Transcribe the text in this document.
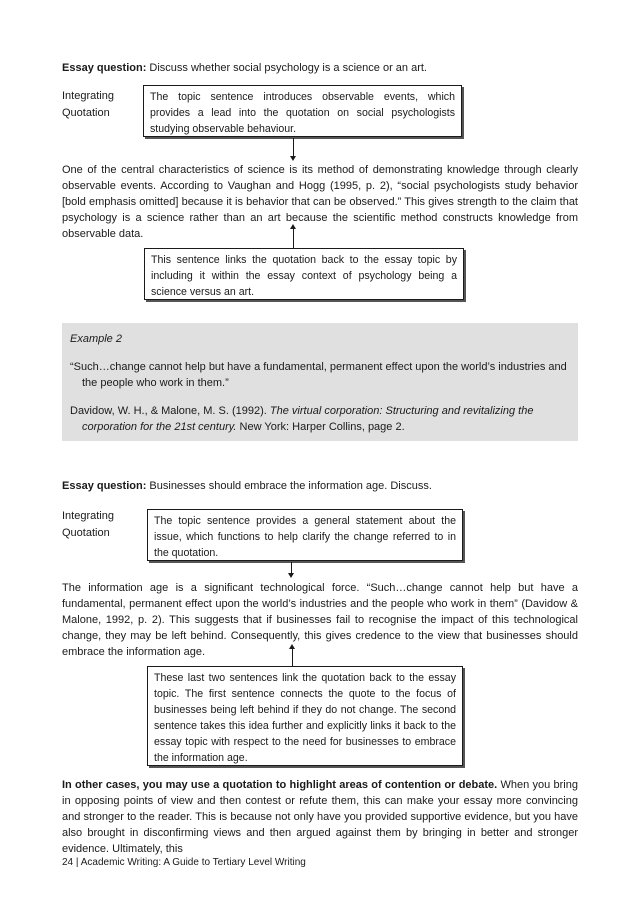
Essay question: Discuss whether social psychology is a science or an art.
Integrating
Quotation
The topic sentence introduces observable events, which provides a lead into the quotation on social psychologists studying observable behaviour.
One of the central characteristics of science is its method of demonstrating knowledge through clearly observable events. According to Vaughan and Hogg (1995, p. 2), “social psychologists study behavior [bold emphasis omitted] because it is behavior that can be observed.” This gives strength to the claim that psychology is a science rather than an art because the scientific method constructs knowledge from observable data.
This sentence links the quotation back to the essay topic by including it within the essay context of psychology being a science versus an art.
Example 2
“Such…change cannot help but have a fundamental, permanent effect upon the world’s industries and the people who work in them.”
Davidow, W. H., & Malone, M. S. (1992). The virtual corporation: Structuring and revitalizing the corporation for the 21st century. New York: Harper Collins, page 2.
Essay question: Businesses should embrace the information age. Discuss.
Integrating
Quotation
The topic sentence provides a general statement about the issue, which functions to help clarify the change referred to in the quotation.
The information age is a significant technological force. “Such…change cannot help but have a fundamental, permanent effect upon the world’s industries and the people who work in them” (Davidow & Malone, 1992, p. 2). This suggests that if businesses fail to recognise the impact of this technological change, they may be left behind. Consequently, this gives credence to the view that businesses should embrace the information age.
These last two sentences link the quotation back to the essay topic. The first sentence connects the quote to the focus of businesses being left behind if they do not change. The second sentence takes this idea further and explicitly links it back to the essay topic with respect to the need for businesses to embrace the information age.
In other cases, you may use a quotation to highlight areas of contention or debate. When you bring in opposing points of view and then contest or refute them, this can make your essay more convincing and stronger to the reader. This is because not only have you provided supportive evidence, but you have also brought in disconfirming views and then argued against them by bringing in better and stronger evidence. Ultimately, this
24 | Academic Writing: A Guide to Tertiary Level Writing
